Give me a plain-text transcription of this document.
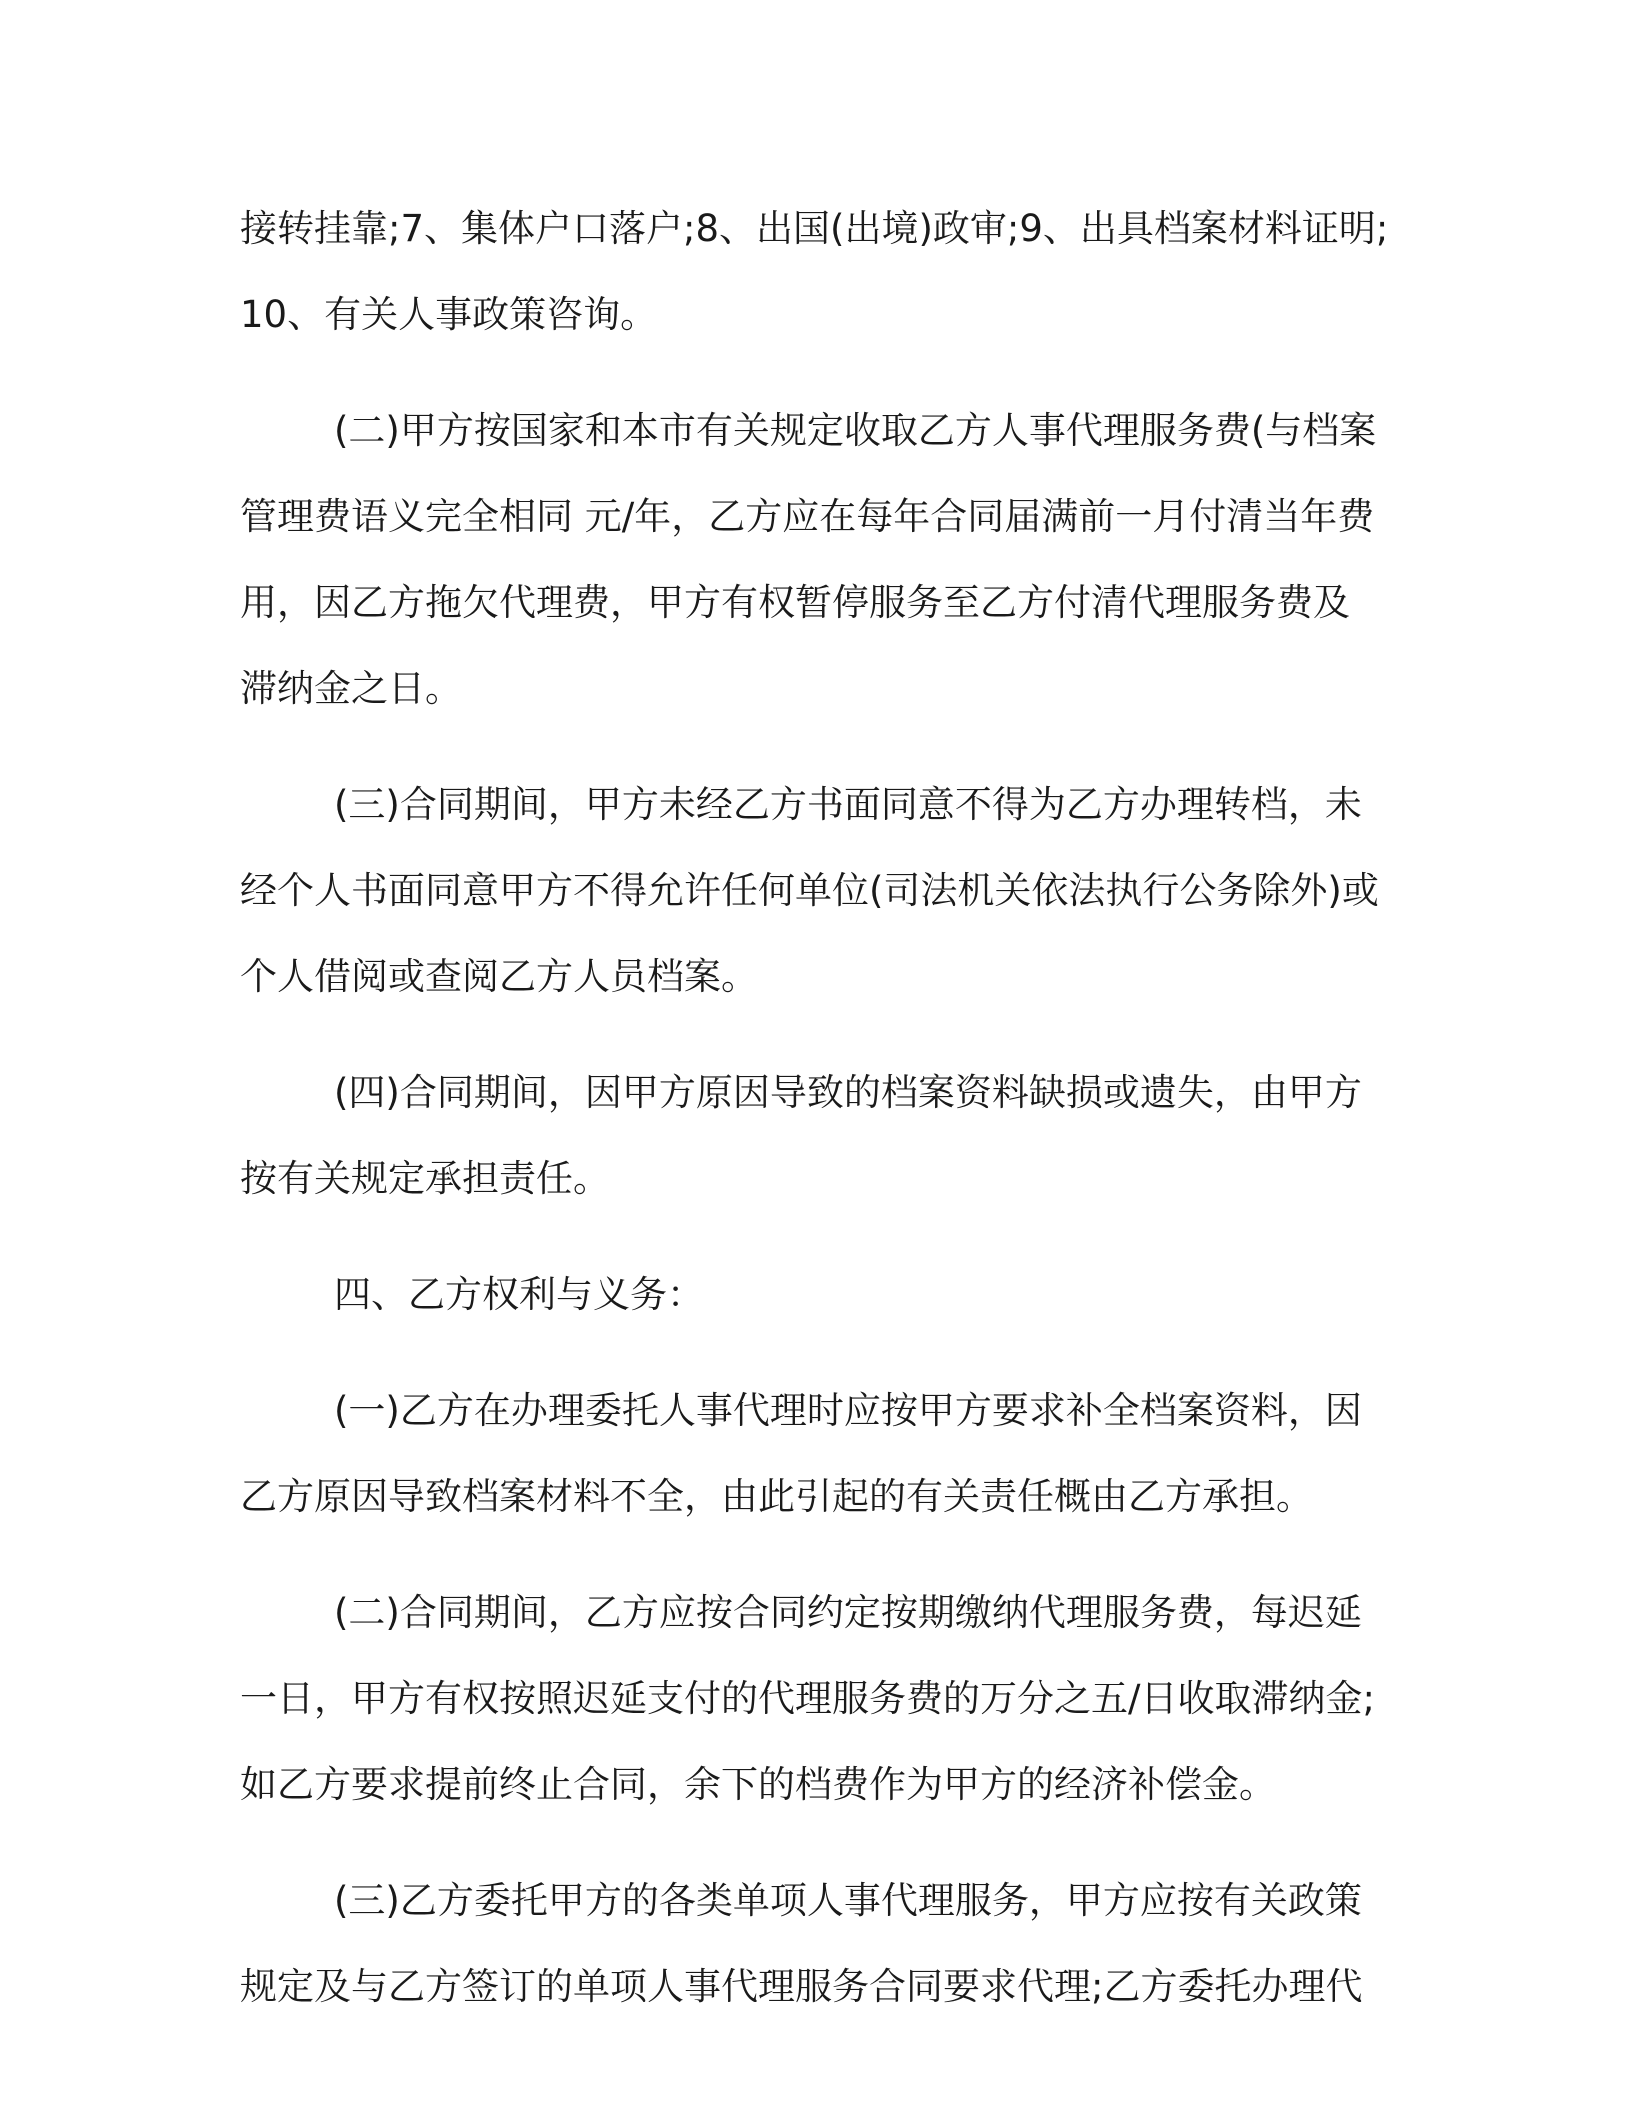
接转挂靠;7、集体户口落户;8、出国(出境)政审;9、出具档案材料证明;
10、有关人事政策咨询。
(二)甲方按国家和本市有关规定收取乙方人事代理服务费(与档案
管理费语义完全相同 元/年，乙方应在每年合同届满前一月付清当年费
用，因乙方拖欠代理费，甲方有权暂停服务至乙方付清代理服务费及
滞纳金之日。
(三)合同期间，甲方未经乙方书面同意不得为乙方办理转档，未
经个人书面同意甲方不得允许任何单位(司法机关依法执行公务除外)或
个人借阅或查阅乙方人员档案。
(四)合同期间，因甲方原因导致的档案资料缺损或遗失，由甲方
按有关规定承担责任。
四、乙方权利与义务：
(一)乙方在办理委托人事代理时应按甲方要求补全档案资料，因
乙方原因导致档案材料不全，由此引起的有关责任概由乙方承担。
(二)合同期间，乙方应按合同约定按期缴纳代理服务费，每迟延
一日，甲方有权按照迟延支付的代理服务费的万分之五/日收取滞纳金;
如乙方要求提前终止合同，余下的档费作为甲方的经济补偿金。
(三)乙方委托甲方的各类单项人事代理服务，甲方应按有关政策
规定及与乙方签订的单项人事代理服务合同要求代理;乙方委托办理代
